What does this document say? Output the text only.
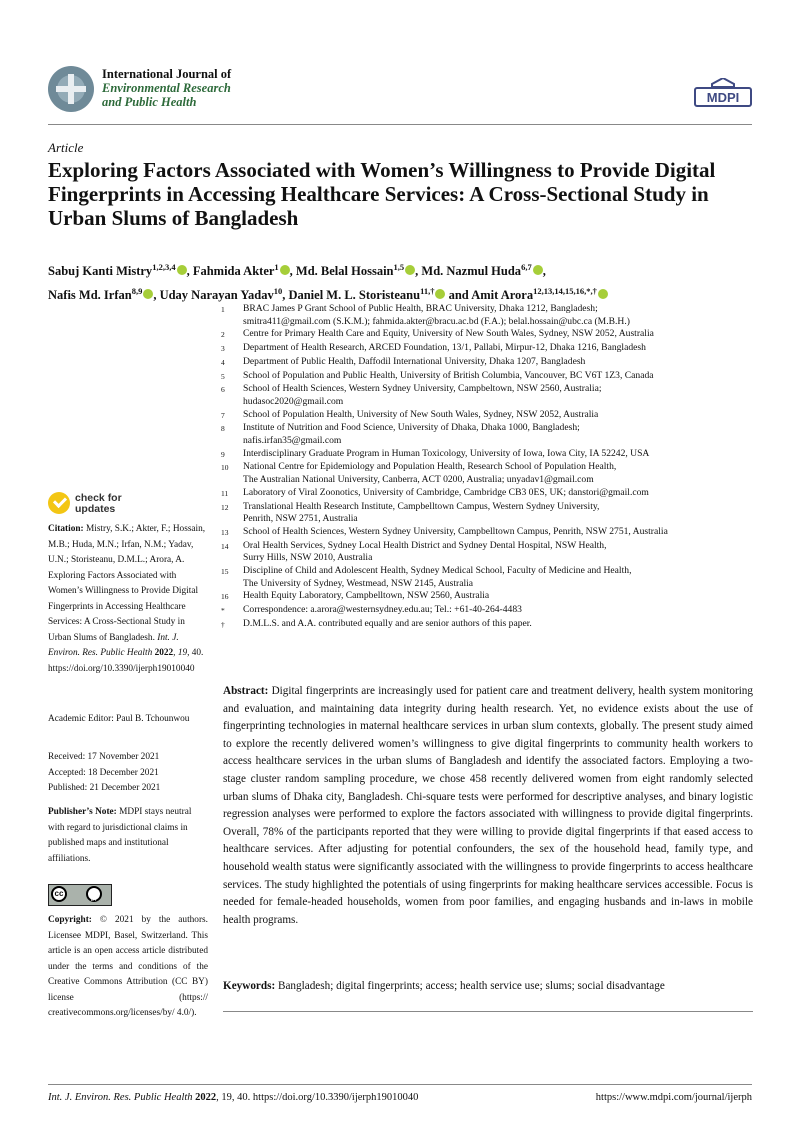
International Journal of
Environmental Research
and Public Health	MDPI
Article
Exploring Factors Associated with Women’s Willingness to Provide Digital Fingerprints in Accessing Healthcare Services: A Cross-Sectional Study in Urban Slums of Bangladesh
Sabuj Kanti Mistry$^{1,2,3,4}$ , Fahmida Akter$^1$ , Md. Belal Hossain$^{1,5}$ , Md. Nazmul Huda$^{6,7}$ ,
Nafis Md. Irfan$^{8,9}$ , Uday Narayan Yadav$^{10}$, Daniel M. L. Storisteanu$^{11,\dagger}$ and Amit Arora$^{12,13,14,15,16,*,\dagger}$
1	BRAC James P Grant School of Public Health, BRAC University, Dhaka 1212, Bangladesh;
smitra411@gmail.com (S.K.M.); fahmida.akter@bracu.ac.bd (F.A.); belal.hossain@ubc.ca (M.B.H.)
2	Centre for Primary Health Care and Equity, University of New South Wales, Sydney, NSW 2052, Australia
3	Department of Health Research, ARCED Foundation, 13/1, Pallabi, Mirpur-12, Dhaka 1216, Bangladesh
4	Department of Public Health, Daffodil International University, Dhaka 1207, Bangladesh
5	School of Population and Public Health, University of British Columbia, Vancouver, BC V6T 1Z3, Canada
6	School of Health Sciences, Western Sydney University, Campbeltown, NSW 2560, Australia;
hudasoc2020@gmail.com
7	School of Population Health, University of New South Wales, Sydney, NSW 2052, Australia
8	Institute of Nutrition and Food Science, University of Dhaka, Dhaka 1000, Bangladesh;
nafis.irfan35@gmail.com
9	Interdisciplinary Graduate Program in Human Toxicology, University of Iowa, Iowa City, IA 52242, USA
10	National Centre for Epidemiology and Population Health, Research School of Population Health,
The Australian National University, Canberra, ACT 0200, Australia; unyadav1@gmail.com
11	Laboratory of Viral Zoonotics, University of Cambridge, Cambridge CB3 0ES, UK; danstori@gmail.com
12	Translational Health Research Institute, Campbelltown Campus, Western Sydney University,
Penrith, NSW 2751, Australia
13	School of Health Sciences, Western Sydney University, Campbelltown Campus, Penrith, NSW 2751, Australia
14	Oral Health Services, Sydney Local Health District and Sydney Dental Hospital, NSW Health,
Surry Hills, NSW 2010, Australia
15	Discipline of Child and Adolescent Health, Sydney Medical School, Faculty of Medicine and Health,
The University of Sydney, Westmead, NSW 2145, Australia
16	Health Equity Laboratory, Campbelltown, NSW 2560, Australia
*	Correspondence: a.arora@westernsydney.edu.au; Tel.: +61-40-264-4483
†	D.M.L.S. and A.A. contributed equally and are senior authors of this paper.
check for
updates
Citation: Mistry, S.K.; Akter, F.; Hossain, M.B.; Huda, M.N.; Irfan, N.M.; Yadav, U.N.; Storisteanu, D.M.L.; Arora, A. Exploring Factors Associated with Women’s Willingness to Provide Digital Fingerprints in Accessing Healthcare Services: A Cross-Sectional Study in Urban Slums of Bangladesh. Int. J. Environ. Res. Public Health 2022, 19, 40. https://doi.org/10.3390/ijerph19010040
Academic Editor: Paul B. Tchounwou
Received: 17 November 2021
Accepted: 18 December 2021
Published: 21 December 2021
Publisher’s Note: MDPI stays neutral with regard to jurisdictional claims in published maps and institutional affiliations.
cc
BY
Copyright: © 2021 by the authors. Licensee MDPI, Basel, Switzerland. This article is an open access article distributed under the terms and conditions of the Creative Commons Attribution (CC BY) license (https:// creativecommons.org/licenses/by/ 4.0/).
Abstract: Digital fingerprints are increasingly used for patient care and treatment delivery, health system monitoring and evaluation, and maintaining data integrity during health research. Yet, no evidence exists about the use of fingerprinting technologies in maternal healthcare services in urban slum contexts, globally. The present study aimed to explore the recently delivered women’s willingness to give digital fingerprints to community health workers to access healthcare services in the urban slums of Bangladesh and identify the associated factors. Employing a two-stage cluster random sampling procedure, we chose 458 recently delivered women from eight randomly selected urban slums of Dhaka city, Bangladesh. Chi-square tests were performed for descriptive analyses, and binary logistic regression analyses were performed to explore the factors associated with willingness to provide digital fingerprints. Overall, 78% of the participants reported that they were willing to provide digital fingerprints if that eased access to healthcare services. After adjusting for potential confounders, the sex of the household head, family type, and household wealth status were significantly associated with the willingness to provide fingerprints to access healthcare services. The study highlighted the potentials of using fingerprints for making healthcare services accessible. Focus is needed for female-headed households, women from poor families, and engaging husbands and in-laws in mobile health programs.
Keywords: Bangladesh; digital fingerprints; access; health service use; slums; social disadvantage
Int. J. Environ. Res. Public Health 2022, 19, 40. https://doi.org/10.3390/ijerph19010040	https://www.mdpi.com/journal/ijerph
